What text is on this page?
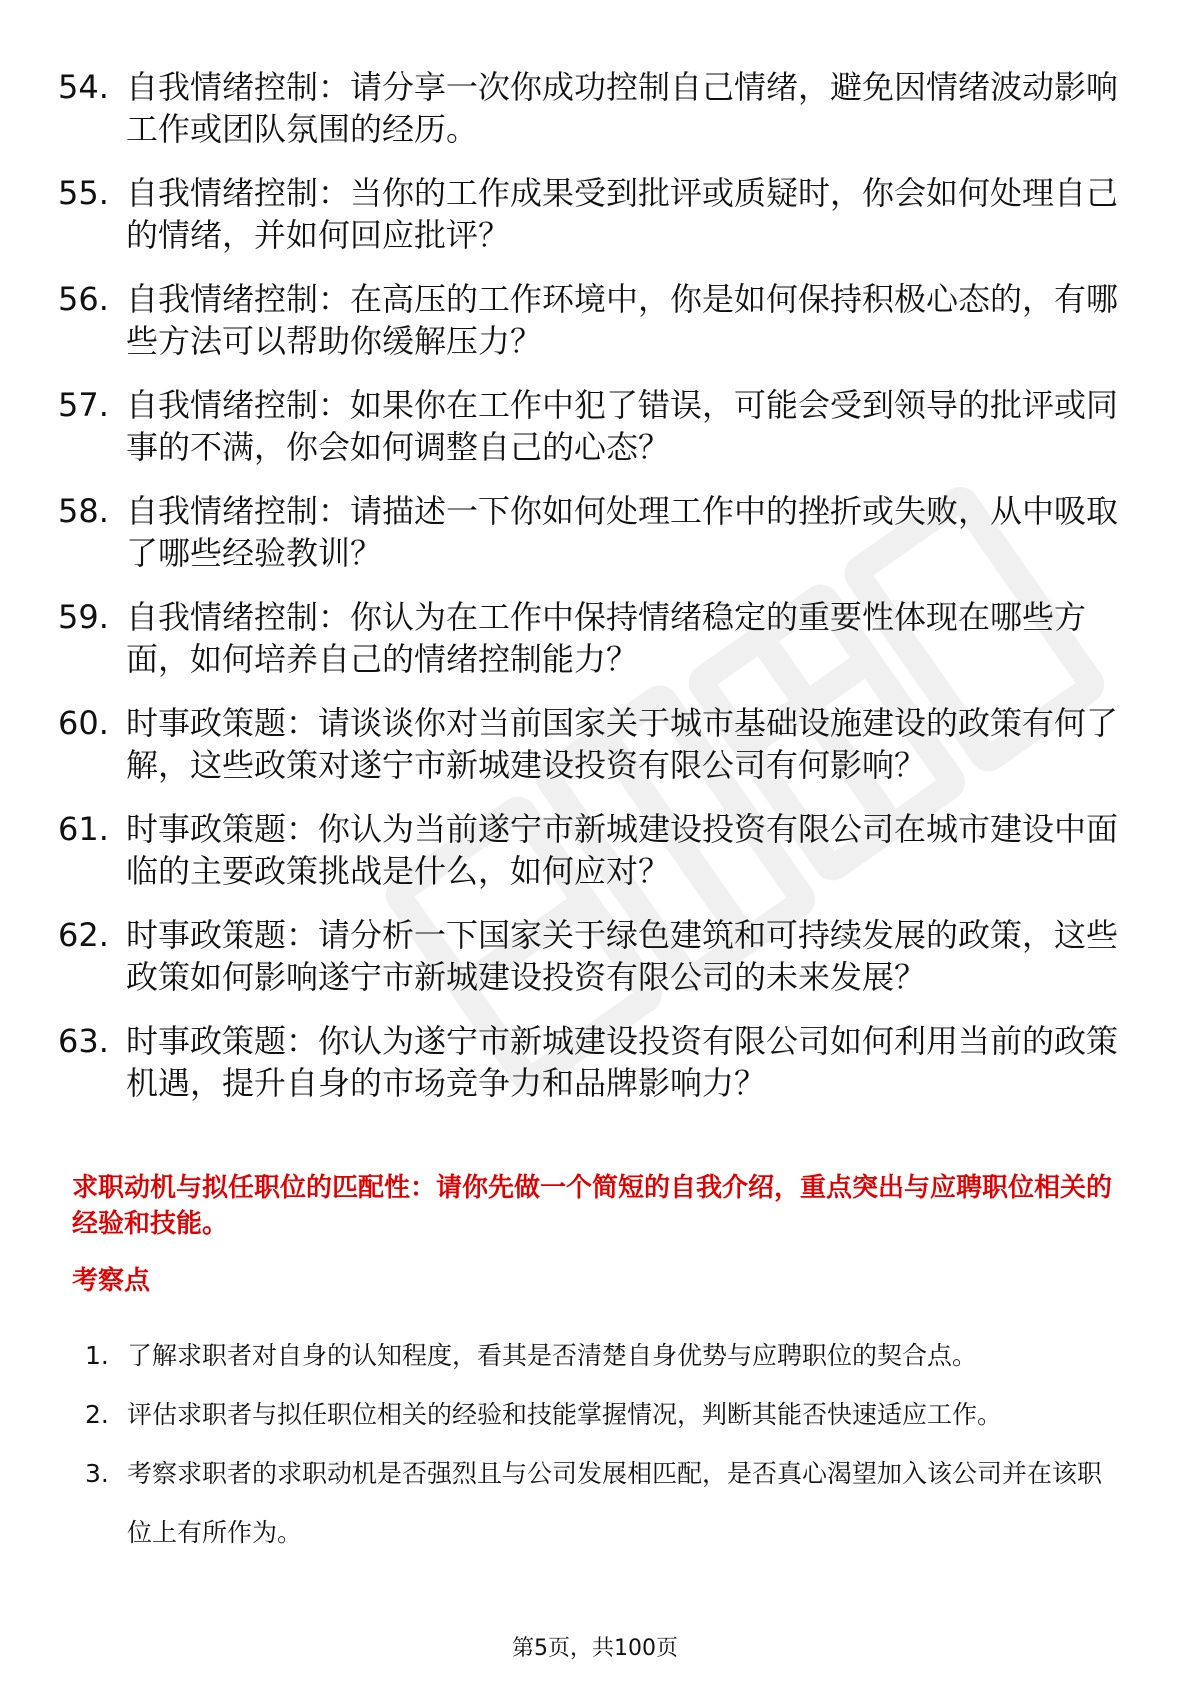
54. 自我情绪控制：请分享一次你成功控制自己情绪，避免因情绪波动影响工作或团队氛围的经历。
55. 自我情绪控制：当你的工作成果受到批评或质疑时，你会如何处理自己的情绪，并如何回应批评？
56. 自我情绪控制：在高压的工作环境中，你是如何保持积极心态的，有哪些方法可以帮助你缓解压力？
57. 自我情绪控制：如果你在工作中犯了错误，可能会受到领导的批评或同事的不满，你会如何调整自己的心态？
58. 自我情绪控制：请描述一下你如何处理工作中的挫折或失败，从中吸取了哪些经验教训？
59. 自我情绪控制：你认为在工作中保持情绪稳定的重要性体现在哪些方面，如何培养自己的情绪控制能力？
60. 时事政策题：请谈谈你对当前国家关于城市基础设施建设的政策有何了解，这些政策对遂宁市新城建设投资有限公司有何影响？
61. 时事政策题：你认为当前遂宁市新城建设投资有限公司在城市建设中面临的主要政策挑战是什么，如何应对？
62. 时事政策题：请分析一下国家关于绿色建筑和可持续发展的政策，这些政策如何影响遂宁市新城建设投资有限公司的未来发展？
63. 时事政策题：你认为遂宁市新城建设投资有限公司如何利用当前的政策机遇，提升自身的市场竞争力和品牌影响力？
求职动机与拟任职位的匹配性：请你先做一个简短的自我介绍，重点突出与应聘职位相关的经验和技能。
考察点
1. 了解求职者对自身的认知程度，看其是否清楚自身优势与应聘职位的契合点。
2. 评估求职者与拟任职位相关的经验和技能掌握情况，判断其能否快速适应工作。
3. 考察求职者的求职动机是否强烈且与公司发展相匹配，是否真心渴望加入该公司并在该职位上有所作为。
第5页，共100页
